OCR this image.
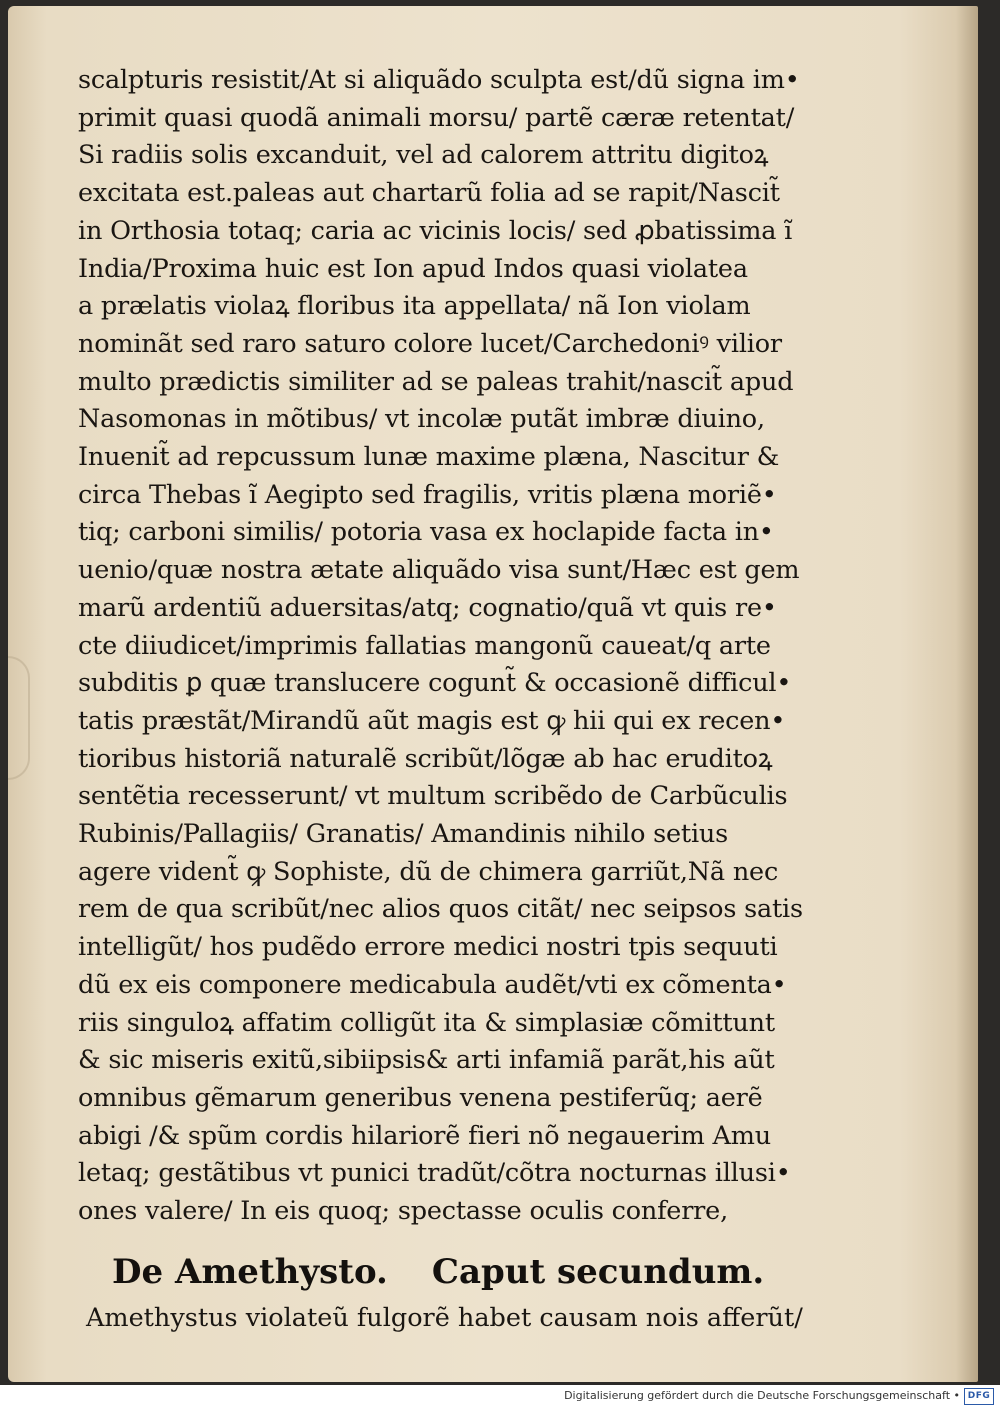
scalpturis resistit/At si aliquãdo sculpta est/dũ signa im•
primit quasi quodã animali morsu/ partẽ cæræ retentat/
Si radiis solis excanduit, vel ad calorem attritu digitoꝝ
excitata est.paleas aut chartarũ folia ad se rapit/Nascit̃
in Orthosia totaq; caria ac vicinis locis/ sed ꝓbatissima ĩ
India/Proxima huic est Ion apud Indos quasi violatea
a prælatis violaꝝ floribus ita appellata/ nã Ion violam
nominãt sed raro saturo colore lucet/Carchedoniꝰ vilior
multo prædictis similiter ad se paleas trahit/nascit̃ apud
Nasomonas in mõtibus/ vt incolæ putãt imbræ diuino,
Inuenit̃ ad repcussum lunæ maxime plæna, Nascitur &
circa Thebas ĩ Aegipto sed fragilis, vritis plæna moriẽ•
tiq; carboni similis/ potoria vasa ex hoclapide facta in•
uenio/quæ nostra ætate aliquãdo visa sunt/Hæc est gem
marũ ardentiũ aduersitas/atq; cognatio/quã vt quis re•
cte diiudicet/imprimis fallatias mangonũ caueat/q arte
subditis ꝑ quæ translucere cogunt̃ & occasionẽ difficul•
tatis præstãt/Mirandũ aũt magis est ꝙ hii qui ex recen•
tioribus historiã naturalẽ scribũt/lõgæ ab hac eruditoꝝ
sentẽtia recesserunt/ vt multum scribẽdo de Carbũculis
Rubinis/Pallagiis/ Granatis/ Amandinis nihilo setius
agere vident̃ ꝙ Sophiste, dũ de chimera garriũt,Nã nec
rem de qua scribũt/nec alios quos citãt/ nec seipsos satis
intelligũt/ hos pudẽdo errore medici nostri tpis sequuti
dũ ex eis componere medicabula audẽt/vti ex cõmenta•
riis singuloꝝ affatim colligũt ita & simplasiæ cõmittunt
& sic miseris exitũ,sibiipsis& arti infamiã parãt,his aũt
omnibus gẽmarum generibus venena pestiferũq; aerẽ
abigi /& spũm cordis hilariorẽ fieri nõ negauerim Amu
letaq; gestãtibus vt punici tradũt/cõtra nocturnas illusi•
ones valere/ In eis quoq; spectasse oculis conferre,
De Amethysto. Caput secundum.
Amethystus violateũ fulgorẽ habet causam nois afferũt/
Digitalisierung gefördert durch die Deutsche Forschungsgemeinschaft • DFG
